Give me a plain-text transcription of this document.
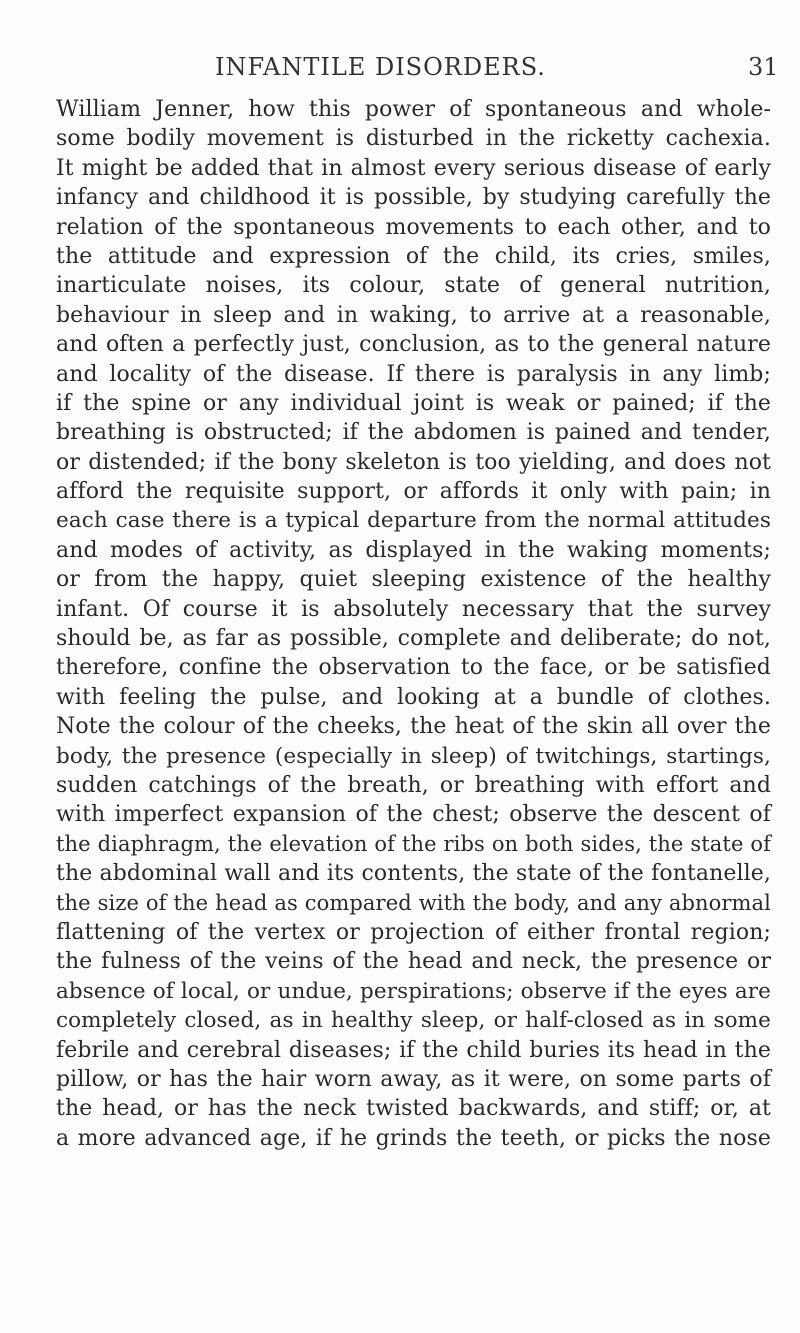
INFANTILE DISORDERS.	31
William Jenner, how this power of spontaneous and whole-
some bodily movement is disturbed in the ricketty cachexia.
It might be added that in almost every serious disease of early
infancy and childhood it is possible, by studying carefully the
relation of the spontaneous movements to each other, and to
the attitude and expression of the child, its cries, smiles,
inarticulate noises, its colour, state of general nutrition,
behaviour in sleep and in waking, to arrive at a reasonable,
and often a perfectly just, conclusion, as to the general nature
and locality of the disease. If there is paralysis in any limb;
if the spine or any individual joint is weak or pained; if the
breathing is obstructed; if the abdomen is pained and tender,
or distended; if the bony skeleton is too yielding, and does not
afford the requisite support, or affords it only with pain; in
each case there is a typical departure from the normal attitudes
and modes of activity, as displayed in the waking moments;
or from the happy, quiet sleeping existence of the healthy
infant. Of course it is absolutely necessary that the survey
should be, as far as possible, complete and deliberate; do not,
therefore, confine the observation to the face, or be satisfied
with feeling the pulse, and looking at a bundle of clothes.
Note the colour of the cheeks, the heat of the skin all over the
body, the presence (especially in sleep) of twitchings, startings,
sudden catchings of the breath, or breathing with effort and
with imperfect expansion of the chest; observe the descent of
the diaphragm, the elevation of the ribs on both sides, the state of
the abdominal wall and its contents, the state of the fontanelle,
the size of the head as compared with the body, and any abnormal
flattening of the vertex or projection of either frontal region;
the fulness of the veins of the head and neck, the presence or
absence of local, or undue, perspirations; observe if the eyes are
completely closed, as in healthy sleep, or half-closed as in some
febrile and cerebral diseases; if the child buries its head in the
pillow, or has the hair worn away, as it were, on some parts of
the head, or has the neck twisted backwards, and stiff; or, at
a more advanced age, if he grinds the teeth, or picks the nose
